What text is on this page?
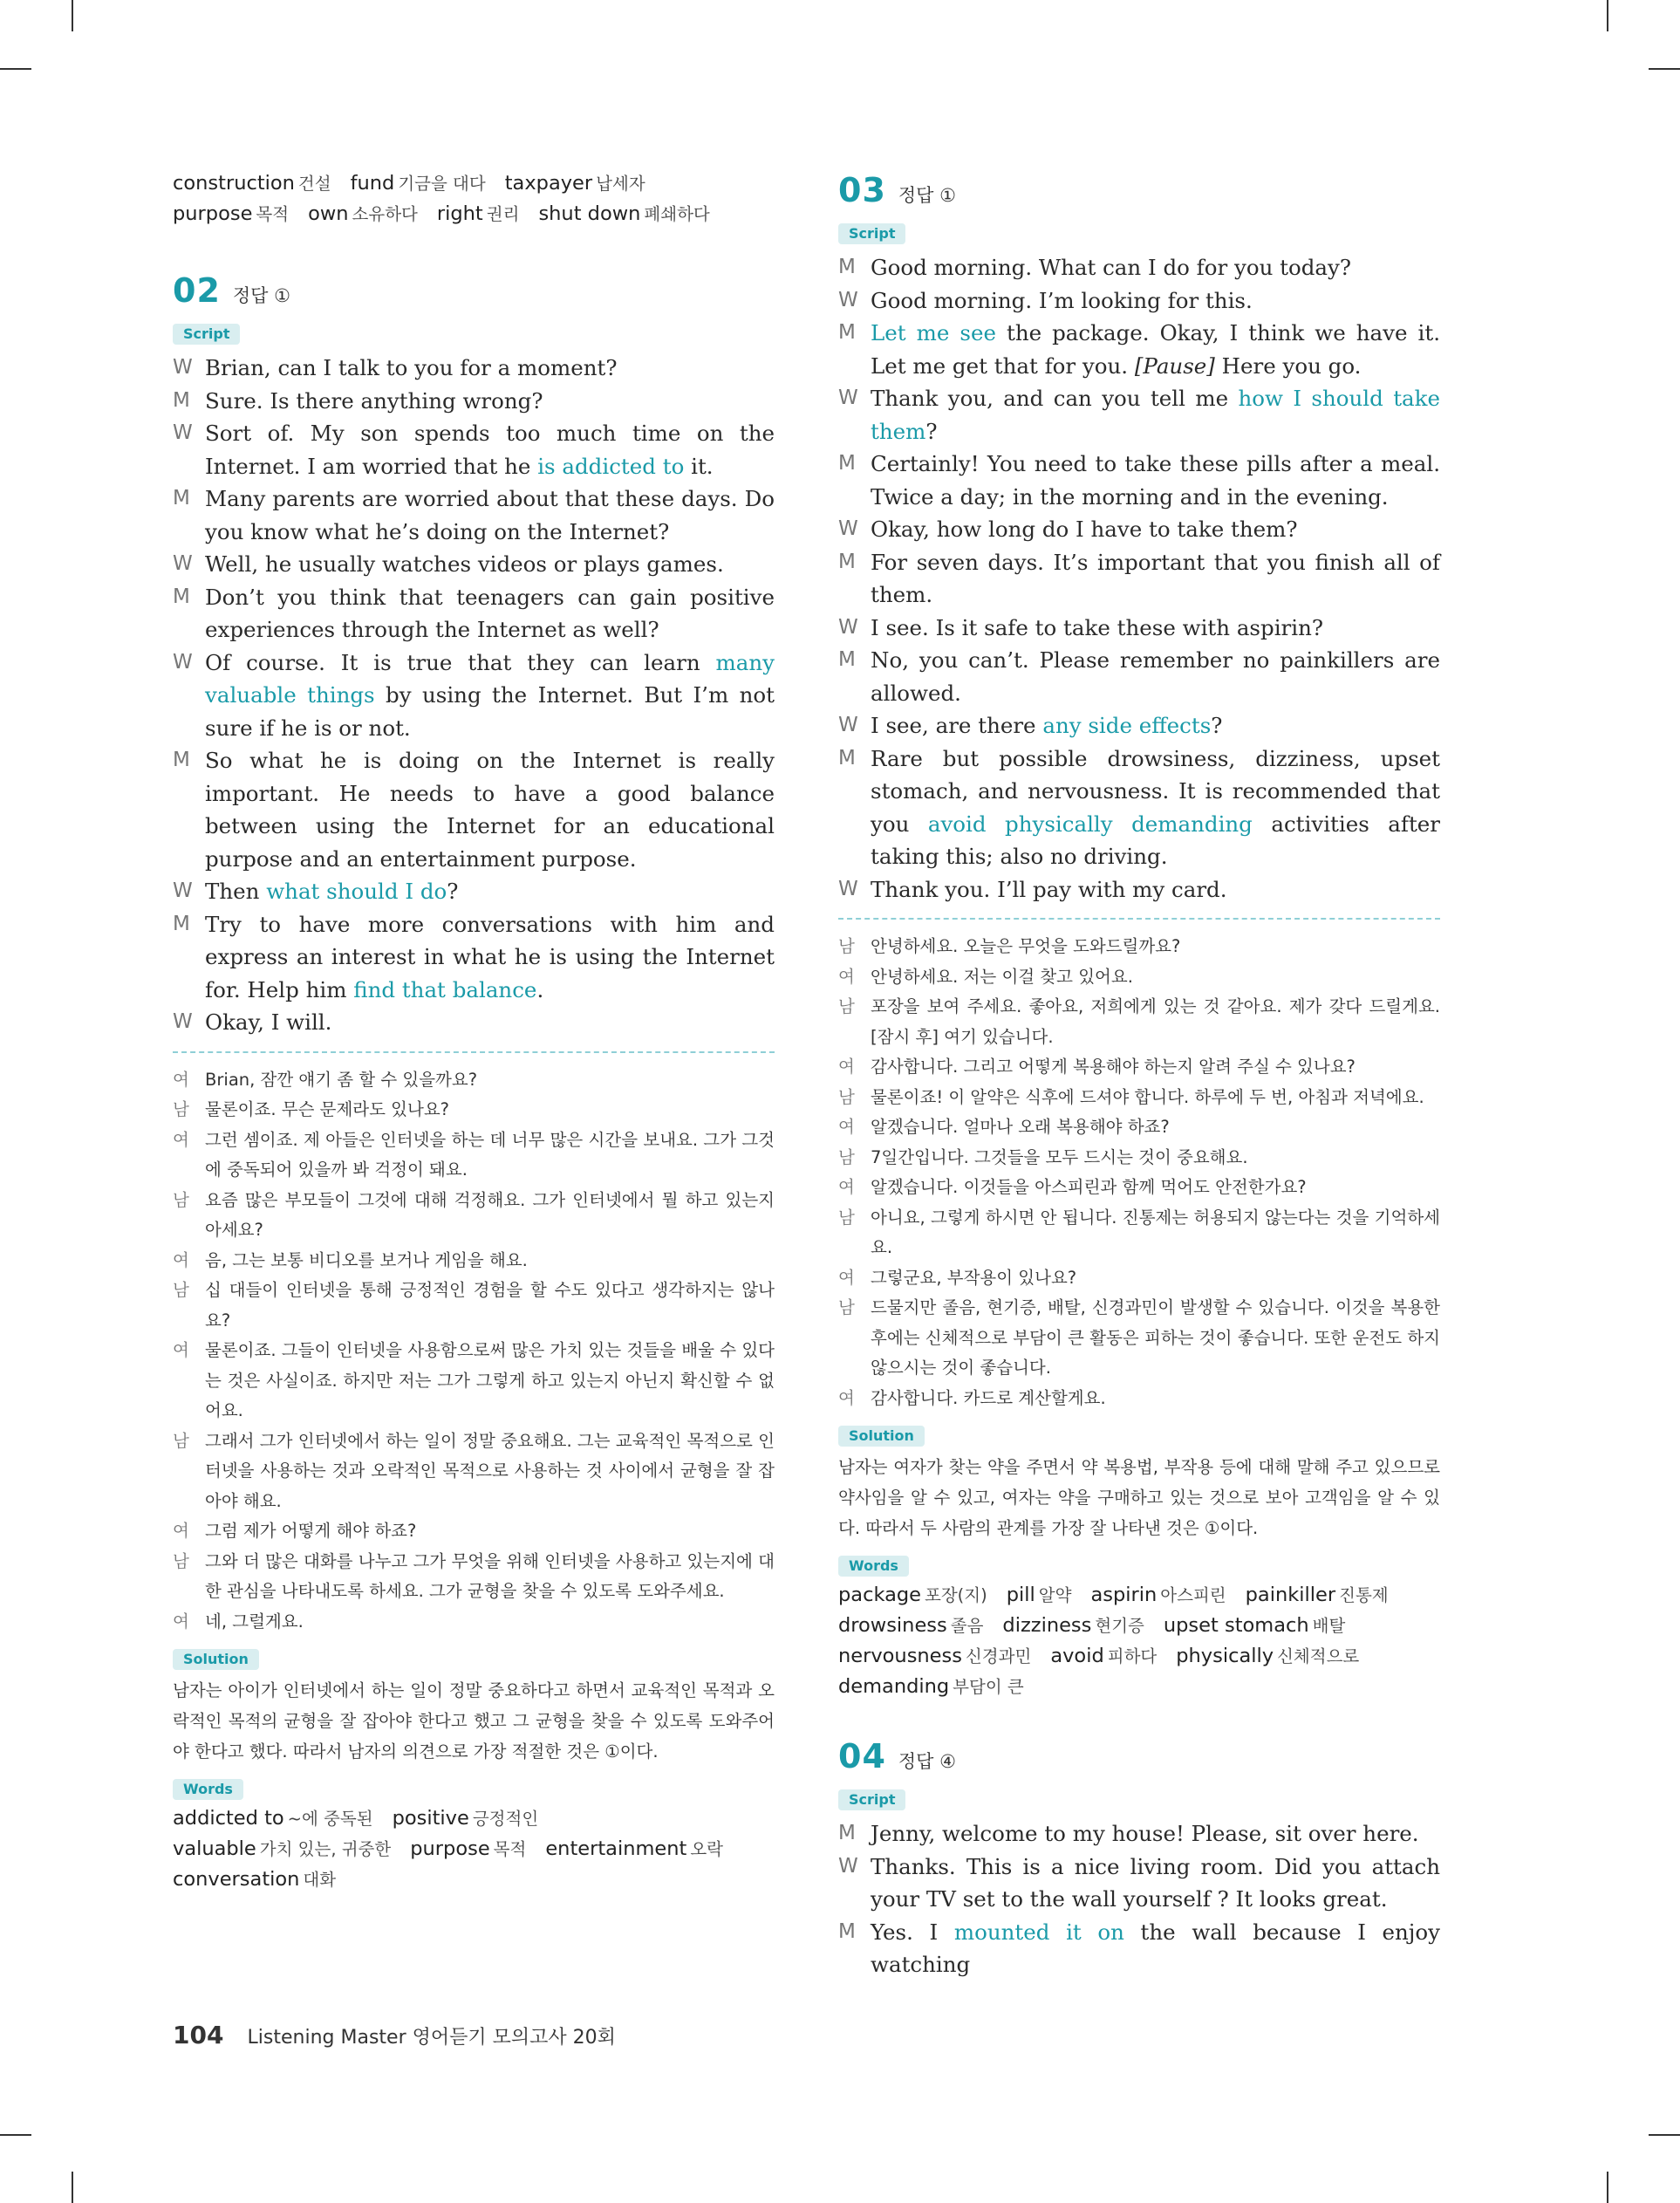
construction 건설 fund 기금을 대다 taxpayer 납세자
purpose 목적 own 소유하다 right 권리 shut down 폐쇄하다
02 정답 ①
Script
W Brian, can I talk to you for a moment?
M Sure. Is there anything wrong?
W Sort of. My son spends too much time on the Internet. I am worried that he is addicted to it.
M Many parents are worried about that these days. Do you know what he’s doing on the Internet?
W Well, he usually watches videos or plays games.
M Don’t you think that teenagers can gain positive experiences through the Internet as well?
W Of course. It is true that they can learn many valuable things by using the Internet. But I’m not sure if he is or not.
M So what he is doing on the Internet is really important. He needs to have a good balance between using the Internet for an educational purpose and an entertainment purpose.
W Then what should I do?
M Try to have more conversations with him and express an interest in what he is using the Internet for. Help him find that balance.
W Okay, I will.
여 Brian, 잠깐 얘기 좀 할 수 있을까요?
남 물론이죠. 무슨 문제라도 있나요?
여 그런 셈이죠. 제 아들은 인터넷을 하는 데 너무 많은 시간을 보내요. 그가 그것에 중독되어 있을까 봐 걱정이 돼요.
남 요즘 많은 부모들이 그것에 대해 걱정해요. 그가 인터넷에서 뭘 하고 있는지 아세요?
여 음, 그는 보통 비디오를 보거나 게임을 해요.
남 십 대들이 인터넷을 통해 긍정적인 경험을 할 수도 있다고 생각하지는 않나요?
여 물론이죠. 그들이 인터넷을 사용함으로써 많은 가치 있는 것들을 배울 수 있다는 것은 사실이죠. 하지만 저는 그가 그렇게 하고 있는지 아닌지 확신할 수 없어요.
남 그래서 그가 인터넷에서 하는 일이 정말 중요해요. 그는 교육적인 목적으로 인터넷을 사용하는 것과 오락적인 목적으로 사용하는 것 사이에서 균형을 잘 잡아야 해요.
여 그럼 제가 어떻게 해야 하죠?
남 그와 더 많은 대화를 나누고 그가 무엇을 위해 인터넷을 사용하고 있는지에 대한 관심을 나타내도록 하세요. 그가 균형을 찾을 수 있도록 도와주세요.
여 네, 그럴게요.
Solution
남자는 아이가 인터넷에서 하는 일이 정말 중요하다고 하면서 교육적인 목적과 오락적인 목적의 균형을 잘 잡아야 한다고 했고 그 균형을 찾을 수 있도록 도와주어야 한다고 했다. 따라서 남자의 의견으로 가장 적절한 것은 ①이다.
Words
addicted to ~에 중독된 positive 긍정적인
valuable 가치 있는, 귀중한 purpose 목적 entertainment 오락
conversation 대화
03 정답 ①
Script
M Good morning. What can I do for you today?
W Good morning. I’m looking for this.
M Let me see the package. Okay, I think we have it. Let me get that for you. [Pause] Here you go.
W Thank you, and can you tell me how I should take them?
M Certainly! You need to take these pills after a meal. Twice a day; in the morning and in the evening.
W Okay, how long do I have to take them?
M For seven days. It’s important that you finish all of them.
W I see. Is it safe to take these with aspirin?
M No, you can’t. Please remember no painkillers are allowed.
W I see, are there any side effects?
M Rare but possible drowsiness, dizziness, upset stomach, and nervousness. It is recommended that you avoid physically demanding activities after taking this; also no driving.
W Thank you. I’ll pay with my card.
남 안녕하세요. 오늘은 무엇을 도와드릴까요?
여 안녕하세요. 저는 이걸 찾고 있어요.
남 포장을 보여 주세요. 좋아요, 저희에게 있는 것 같아요. 제가 갖다 드릴게요. [잠시 후] 여기 있습니다.
여 감사합니다. 그리고 어떻게 복용해야 하는지 알려 주실 수 있나요?
남 물론이죠! 이 알약은 식후에 드셔야 합니다. 하루에 두 번, 아침과 저녁에요.
여 알겠습니다. 얼마나 오래 복용해야 하죠?
남 7일간입니다. 그것들을 모두 드시는 것이 중요해요.
여 알겠습니다. 이것들을 아스피린과 함께 먹어도 안전한가요?
남 아니요, 그렇게 하시면 안 됩니다. 진통제는 허용되지 않는다는 것을 기억하세요.
여 그렇군요, 부작용이 있나요?
남 드물지만 졸음, 현기증, 배탈, 신경과민이 발생할 수 있습니다. 이것을 복용한 후에는 신체적으로 부담이 큰 활동은 피하는 것이 좋습니다. 또한 운전도 하지 않으시는 것이 좋습니다.
여 감사합니다. 카드로 계산할게요.
Solution
남자는 여자가 찾는 약을 주면서 약 복용법, 부작용 등에 대해 말해 주고 있으므로 약사임을 알 수 있고, 여자는 약을 구매하고 있는 것으로 보아 고객임을 알 수 있다. 따라서 두 사람의 관계를 가장 잘 나타낸 것은 ①이다.
Words
package 포장(지) pill 알약 aspirin 아스피린 painkiller 진통제
drowsiness 졸음 dizziness 현기증 upset stomach 배탈
nervousness 신경과민 avoid 피하다 physically 신체적으로
demanding 부담이 큰
04 정답 ④
Script
M Jenny, welcome to my house! Please, sit over here.
W Thanks. This is a nice living room. Did you attach your TV set to the wall yourself ? It looks great.
M Yes. I mounted it on the wall because I enjoy watching
104 Listening Master 영어듣기 모의고사 20회
